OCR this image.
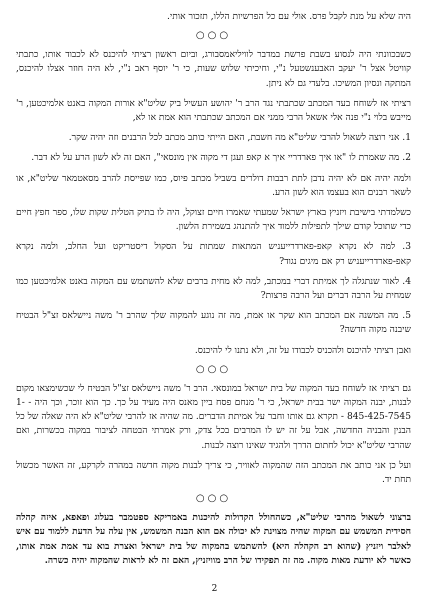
היה שלא על מנת לקבל פרס. אולי עם כל הפרשיות הללו, תזכור אותי.

○○○

כשבכוונתי היה לנסוע בשבת פרשת במדבר לוויליאמסבורג, וביום ראשון רציתי להיכנס לא לכבוד אותו, כתבתי קוויטל אצל ר' יעקב האבענשטעל נ"י, וחיכיתי שלוש שעות, כי ר' יוסף ראב נ"י, לא היה חוזר אצלו להיכנס, המתקה ונסיון המשיכו. בלעדי גם לא ניתן.

רציתי אז לשוחח בעד המכתב שכתבתי נגד הרב ר' יהושע העשיל ביק שליט"א אורות המקוה באנט אלמיכטען, ר' מייבש בלוי נ"י פנה אלי אשאל הרבי ממני אם המכתב שכתבתי הוא אמת או לא,

1. אני רוצה לשאול להרבי שליט"א מה חשבת, האם הייתי כותב מכתב לכל הרבנים וזה יהיה שקר.

2. מה שאמרת לו "או איך פארדריי איך א קאפ ועגן די מקוה אין מונסאי", האם זה לא לשון הרע על לא דבר.

ולמה יהיה אם לא יהיה נדבן לתת רבבות דולרים בשביל מכתב פיוס, כמו שפייסת להרב מסאטמאר שליט"א, או לשאר רבנים הוא בעצמו הוא לשון הרע.

כשלמדתי בישיבת ויזניץ בארץ ישראל שמעתי שאמרו חיים זצוקל, היה לו בתיק הטלית שקות שלו, ספר חפץ חיים כדי שתוכל קודם שילך לתפילות ללמוד איך להתנהג בשמירת הלשון.

3. למה לא נקרא קאפ-פארדרייעניש המתאות שמתות על הסקול דיסטריקט ועל החלב, ולמה נקרא קאפ-פארדרייעניש רק אם מיגים נגוד?

4. לאור שנתגלה לך אמיתת דברי במכתב, למה לא מחית ברבים שלא להשתמש עם המקוה באנט אלמיכטען כמו שמחית על הרבה דברים ועל הרבה פרצות?

5. מה המשנה אם המכתב הוא שקר או אמת, מה זה נוגע להמקוה שלך שהרב ר' משה ניישלאס זצ"ל הבטיח שיבנה מקוה חדשה?

ואבן רציתי להיכנס ולהכניס לכבודו על זה, ולא נתנו לי להיכנס.

○○○

גם רציתי אז לשוחח בעד המקוה של בית ישראל במונסאי. הרב ר' משה ניישלאס זצ"ל הבטיח לי שכשימצאו מקום לבנות, יבנה המקוה ישר בבית ישראל, כי ר' מנחם פסח ביין מאנס היה מעיד על כך. כך הוא זוכר, וכך היה - 1-845-425-7545 - תקרא גם אותו וחבר על אמיתת הדברים. מה שהיה אז להרבי שליט"א לא היה שאלה של כל הבנין והבניה החדשה, אבל על זה יש לו המרבים בכל צדק, ורק אמרתי הבטחה לציבור במקוה בכשרות, ואם שהרבי שליט"א יכול לחתום הדרך ולהגיד שאינו רוצה לבנות.

ועל כן אני כותב את המכתב הזה שהמקוה לאוויר, כי צריך לבנות מקוה חדשה במהרה לקרקע, זה האשר מכשול תחת יד.

○○○

ברצוני לשאול מהרבי שליט"א, כשהחולל הקדולות להיכנות באמריקא ספטמבר בעלוג ופאפא, איזה קהלה חסידית המשמש עם המקוה שהיה מצוינת לא יכולה אם הוא הבנה המשמש, אין עלה על הדעת ללמוד עם איש לאלבר ויזניץ (שהוא רב הקהלה היא) להשתמש בהמקוה של בית ישראל ואצרת בוא עד אמת אמת אותו, כאשר לא יודעת מאות מקוה. מה זה תפקידו של הרב מוויזניץ, האם זה לא לראות שהמקוה יהיה כשרה.

2
